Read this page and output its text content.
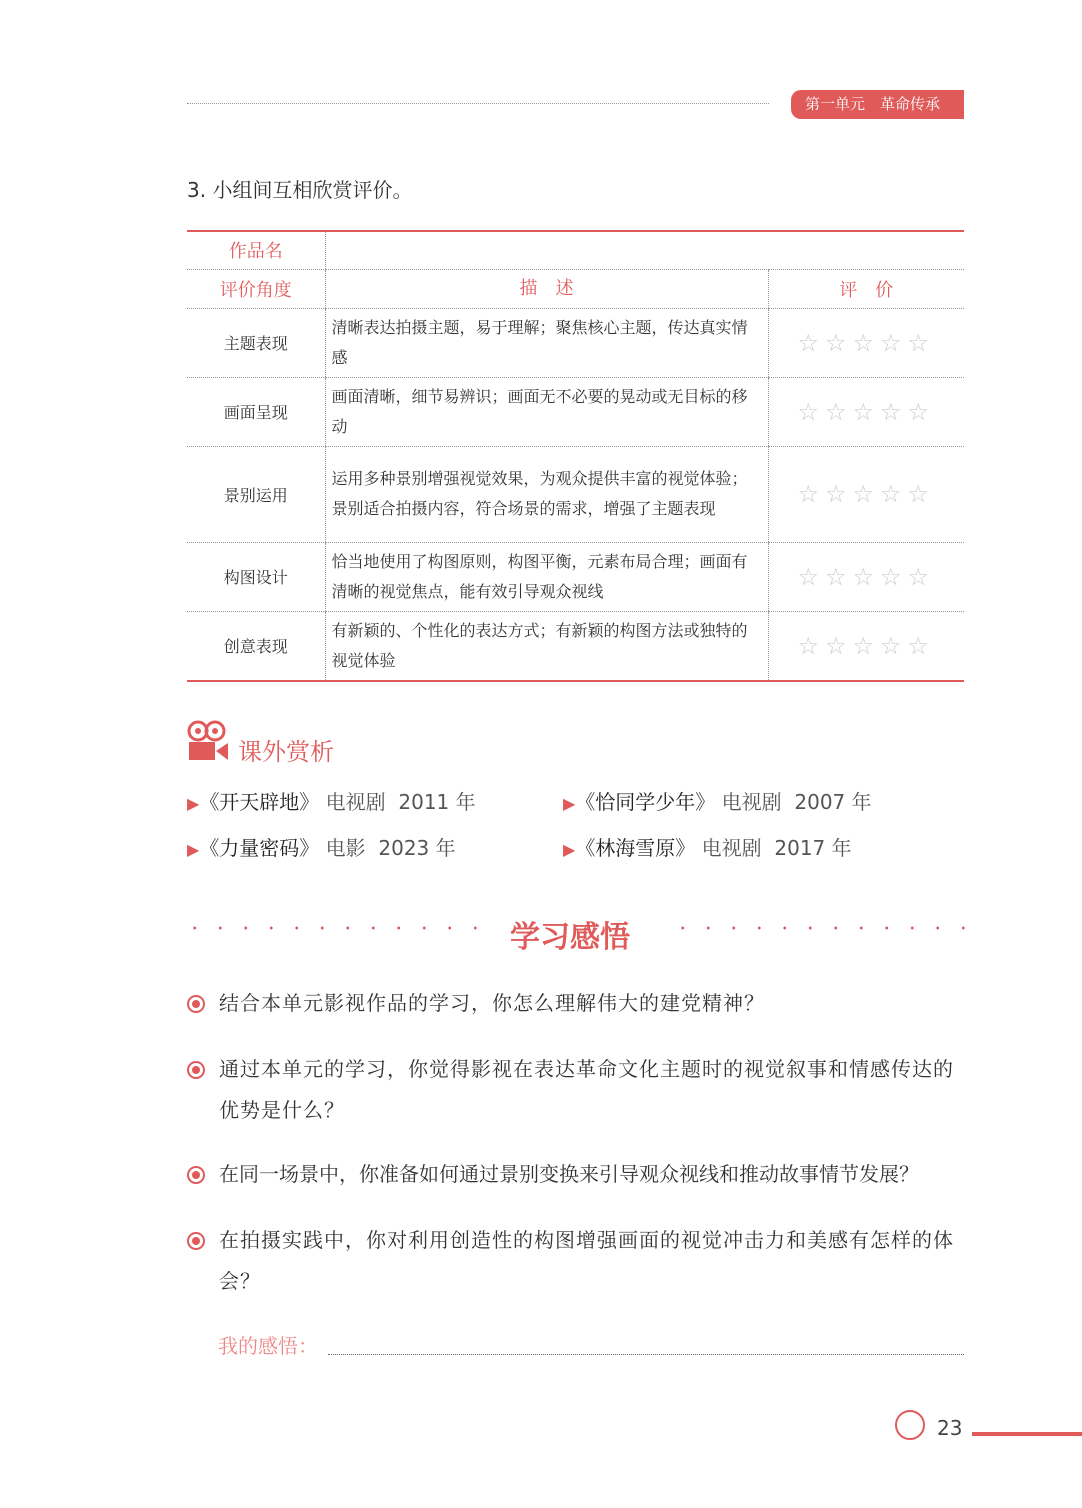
第一单元　革命传承
3. 小组间互相欣赏评价。
作品名		
评价角度	描　述	评　价
主题表现	清晰表达拍摄主题，易于理解；聚焦核心主题，传达真实情感	☆☆☆☆☆
画面呈现	画面清晰，细节易辨识；画面无不必要的晃动或无目标的移动	☆☆☆☆☆
景别运用	运用多种景别增强视觉效果，为观众提供丰富的视觉体验；景别适合拍摄内容，符合场景的需求，增强了主题表现	☆☆☆☆☆
构图设计	恰当地使用了构图原则，构图平衡，元素布局合理；画面有清晰的视觉焦点，能有效引导观众视线	☆☆☆☆☆
创意表现	有新颖的、个性化的表达方式；有新颖的构图方法或独特的视觉体验	☆☆☆☆☆
课外赏析
▶《开天辟地》 电视剧  2011 年	▶《恰同学少年》 电视剧  2007 年
▶《力量密码》 电影  2023 年	▶《林海雪原》 电视剧  2017 年
学习感悟
结合本单元影视作品的学习，你怎么理解伟大的建党精神？
通过本单元的学习，你觉得影视在表达革命文化主题时的视觉叙事和情感传达的优势是什么？
在同一场景中，你准备如何通过景别变换来引导观众视线和推动故事情节发展？
在拍摄实践中，你对利用创造性的构图增强画面的视觉冲击力和美感有怎样的体会？
我的感悟：
23
